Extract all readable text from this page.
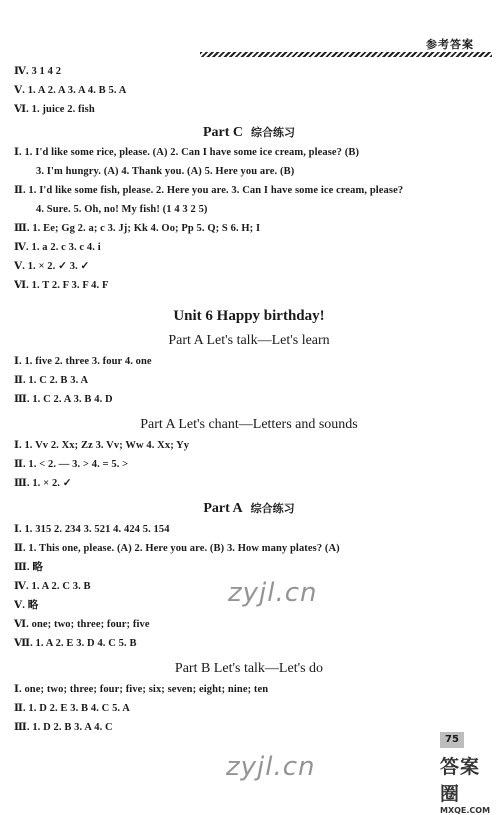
参考答案
Ⅳ. 3 1 4 2
Ⅴ. 1. A 2. A 3. A 4. B 5. A
Ⅵ. 1. juice 2. fish
Part C 综合练习
Ⅰ. 1. I'd like some rice, please. (A) 2. Can I have some ice cream, please? (B)
3. I'm hungry. (A) 4. Thank you. (A) 5. Here you are. (B)
Ⅱ. 1. I'd like some fish, please. 2. Here you are. 3. Can I have some ice cream, please?
4. Sure. 5. Oh, no! My fish! (1 4 3 2 5)
Ⅲ. 1. Ee; Gg 2. a; c 3. Jj; Kk 4. Oo; Pp 5. Q; S 6. H; I
Ⅳ. 1. a 2. c 3. c 4. i
Ⅴ. 1. × 2. ✓ 3. ✓
Ⅵ. 1. T 2. F 3. F 4. F
Unit 6 Happy birthday!
Part A Let's talk—Let's learn
Ⅰ. 1. five 2. three 3. four 4. one
Ⅱ. 1. C 2. B 3. A
Ⅲ. 1. C 2. A 3. B 4. D
Part A Let's chant—Letters and sounds
Ⅰ. 1. Vv 2. Xx; Zz 3. Vv; Ww 4. Xx; Yy
Ⅱ. 1. < 2. — 3. > 4. = 5. >
Ⅲ. 1. × 2. ✓
Part A 综合练习
Ⅰ. 1. 315 2. 234 3. 521 4. 424 5. 154
Ⅱ. 1. This one, please. (A) 2. Here you are. (B) 3. How many plates? (A)
Ⅲ. 略
Ⅳ. 1. A 2. C 3. B
Ⅴ. 略
Ⅵ. one; two; three; four; five
Ⅶ. 1. A 2. E 3. D 4. C 5. B
Part B Let's talk—Let's do
Ⅰ. one; two; three; four; five; six; seven; eight; nine; ten
Ⅱ. 1. D 2. E 3. B 4. C 5. A
Ⅲ. 1. D 2. B 3. A 4. C
zyjl.cn
zyjl.cn
75
答案圈
MXQE.COM
